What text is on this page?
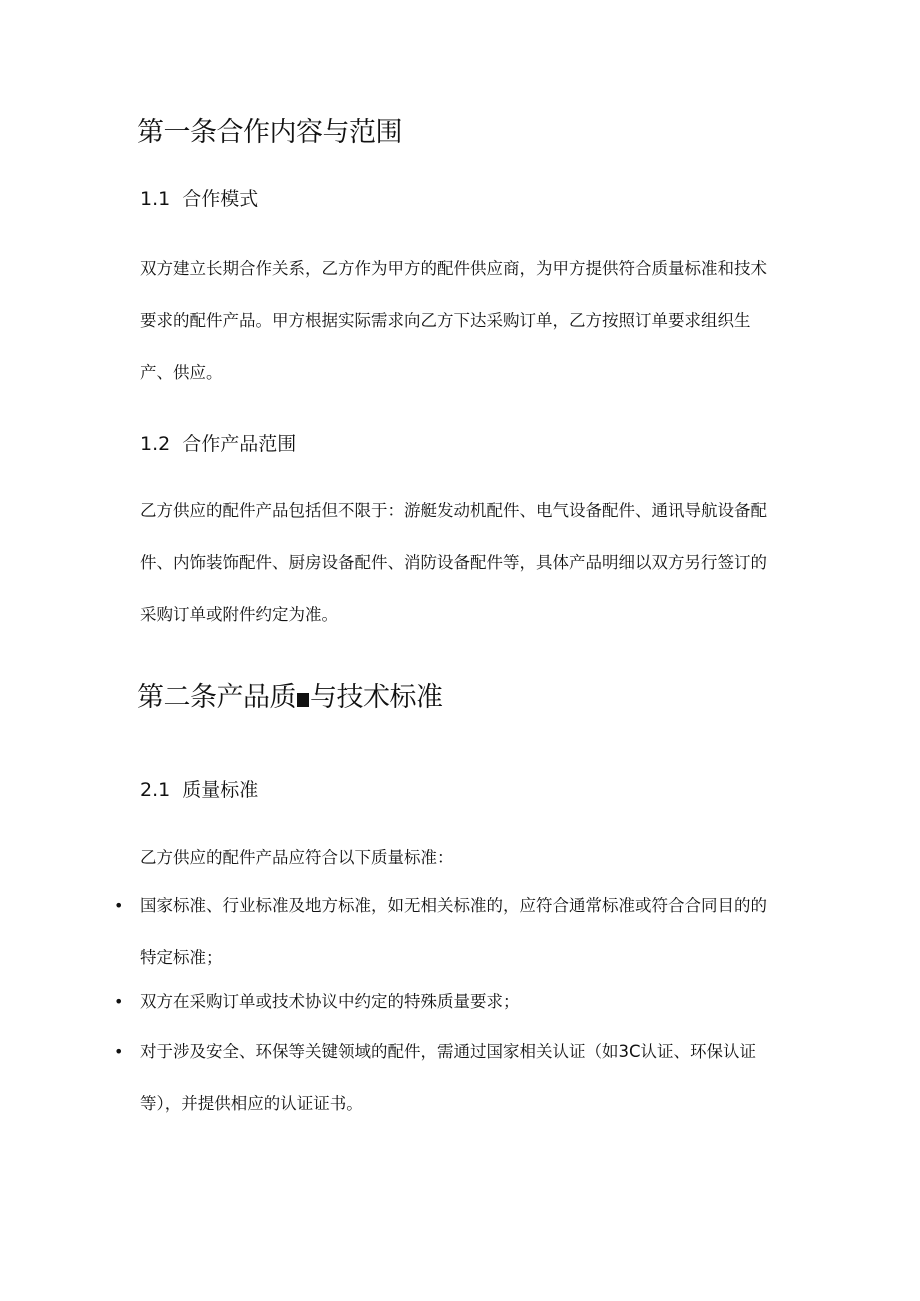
第一条合作内容与范围
1.1 合作模式

双方建立长期合作关系，乙方作为甲方的配件供应商，为甲方提供符合质量标准和技术要求的配件产品。甲方根据实际需求向乙方下达采购订单，乙方按照订单要求组织生产、供应。

1.2 合作产品范围

乙方供应的配件产品包括但不限于：游艇发动机配件、电气设备配件、通讯导航设备配件、内饰装饰配件、厨房设备配件、消防设备配件等，具体产品明细以双方另行签订的采购订单或附件约定为准。

第二条产品质 与技术标准
2.1 质量标准

乙方供应的配件产品应符合以下质量标准：

• 国家标准、行业标准及地方标准，如无相关标准的，应符合通常标准或符合合同目的的特定标准；
• 双方在采购订单或技术协议中约定的特殊质量要求；
• 对于涉及安全、环保等关键领域的配件，需通过国家相关认证（如3C认证、环保认证等），并提供相应的认证证书。
